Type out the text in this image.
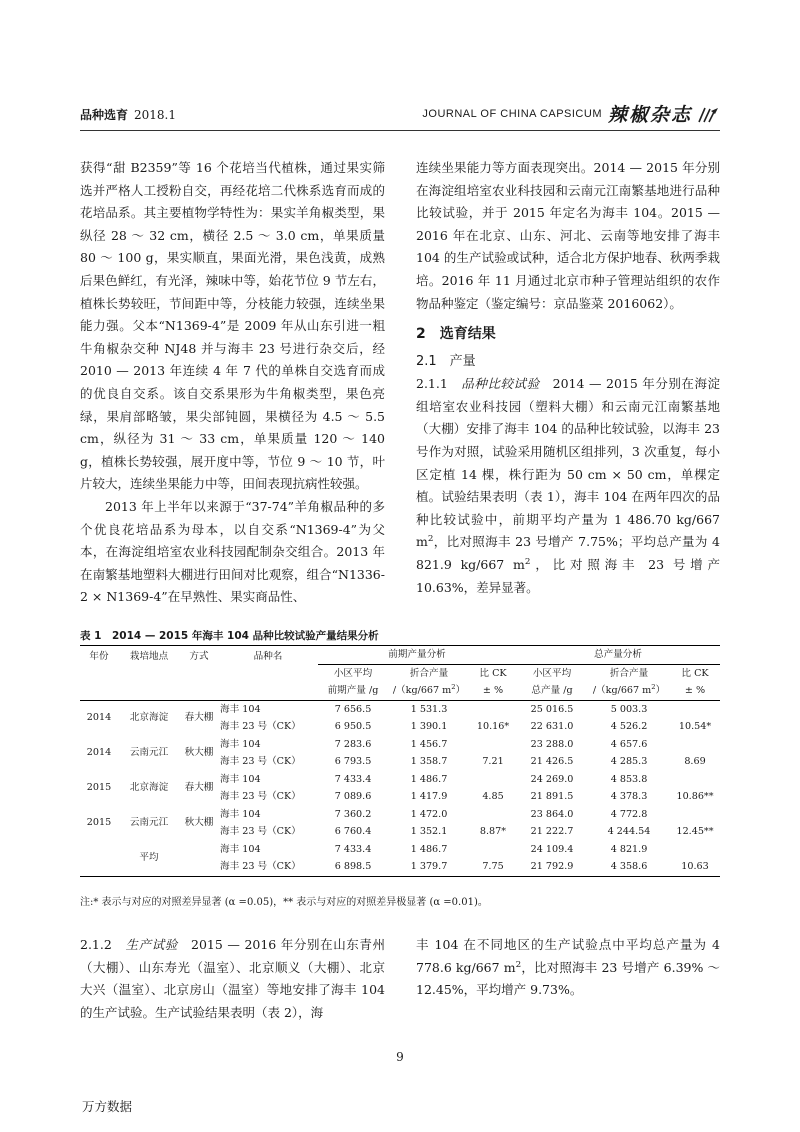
品种选育 2018.1	JOURNAL OF CHINA CAPSICUM 辣椒杂志

获得“甜 B2359”等 16 个花培当代植株，通过果实筛选并严格人工授粉自交，再经花培二代株系选育而成的花培品系。其主要植物学特性为：果实羊角椒类型，果纵径 28 ～ 32 cm，横径 2.5 ～ 3.0 cm，单果质量 80 ～ 100 g，果实顺直，果面光滑，果色浅黄，成熟后果色鲜红，有光泽，辣味中等，始花节位 9 节左右，植株长势较旺，节间距中等，分枝能力较强，连续坐果能力强。父本“N1369-4”是 2009 年从山东引进一粗牛角椒杂交种 NJ48 并与海丰 23 号进行杂交后，经 2010 — 2013 年连续 4 年 7 代的单株自交选育而成的优良自交系。该自交系果形为牛角椒类型，果色亮绿，果肩部略皱，果尖部钝圆，果横径为 4.5 ～ 5.5 cm，纵径为 31 ～ 33 cm，单果质量 120 ～ 140 g，植株长势较强，展开度中等，节位 9 ～ 10 节，叶片较大，连续坐果能力中等，田间表现抗病性较强。

2013 年上半年以来源于“37-74”羊角椒品种的多个优良花培品系为母本，以自交系“N1369-4”为父本，在海淀组培室农业科技园配制杂交组合。2013 年在南繁基地塑料大棚进行田间对比观察，组合“N1336-2 × N1369-4”在早熟性、果实商品性、

连续坐果能力等方面表现突出。2014 — 2015 年分别在海淀组培室农业科技园和云南元江南繁基地进行品种比较试验，并于 2015 年定名为海丰 104。2015 — 2016 年在北京、山东、河北、云南等地安排了海丰 104 的生产试验或试种，适合北方保护地春、秋两季栽培。2016 年 11 月通过北京市种子管理站组织的农作物品种鉴定（鉴定编号：京品鉴菜 2016062）。

2　选育结果
2.1　产量

2.1.1　品种比较试验　 2014 — 2015 年分别在海淀组培室农业科技园（塑料大棚）和云南元江南繁基地（大棚）安排了海丰 104 的品种比较试验，以海丰 23 号作为对照，试验采用随机区组排列，3 次重复，每小区定植 14 棵，株行距为 50 cm × 50 cm，单棵定植。试验结果表明（表 1），海丰 104 在两年四次的品种比较试验中，前期平均产量为 1 486.70 kg/667 $m^2$，比对照海丰 23 号增产 7.75%；平均总产量为 4 821.9 kg/667 $m^2$，比对照海丰 23 号增产 10.63%，差异显著。

表 1　2014 — 2015 年海丰 104 品种比较试验产量结果分析
年份	栽培地点	方式	品种名	前期产量分析			总产量分析		
				小区平均	折合产量	比 CK	小区平均	折合产量	比 CK
				前期产量 /g	/（kg/667 $m^2$）	± %	总产量 /g	/（kg/667 $m^2$）	± %
2014	北京海淀	春大棚	海丰 104	7 656.5	1 531.3		25 016.5	5 003.3	
			海丰 23 号（CK）	6 950.5	1 390.1	10.16*	22 631.0	4 526.2	10.54*
2014	云南元江	秋大棚	海丰 104	7 283.6	1 456.7		23 288.0	4 657.6	
			海丰 23 号（CK）	6 793.5	1 358.7	7.21	21 426.5	4 285.3	8.69
2015	北京海淀	春大棚	海丰 104	7 433.4	1 486.7		24 269.0	4 853.8	
			海丰 23 号（CK）	7 089.6	1 417.9	4.85	21 891.5	4 378.3	10.86**
2015	云南元江	秋大棚	海丰 104	7 360.2	1 472.0		23 864.0	4 772.8	
			海丰 23 号（CK）	6 760.4	1 352.1	8.87*	21 222.7	4 244.54	12.45**
平均			海丰 104	7 433.4	1 486.7		24 109.4	4 821.9	
			海丰 23 号（CK）	6 898.5	1 379.7	7.75	21 792.9	4 358.6	10.63
注:* 表示与对应的对照差异显著 (α =0.05)，** 表示与对应的对照差异极显著 (α =0.01)。

2.1.2　生产试验　 2015 — 2016 年分别在山东青州（大棚）、山东寿光（温室）、北京顺义（大棚）、北京大兴（温室）、北京房山（温室）等地安排了海丰 104 的生产试验。生产试验结果表明（表 2），海

丰 104 在不同地区的生产试验点中平均总产量为 4 778.6 kg/667 $m^2$，比对照海丰 23 号增产 6.39% ～ 12.45%，平均增产 9.73%。

9
万方数据
